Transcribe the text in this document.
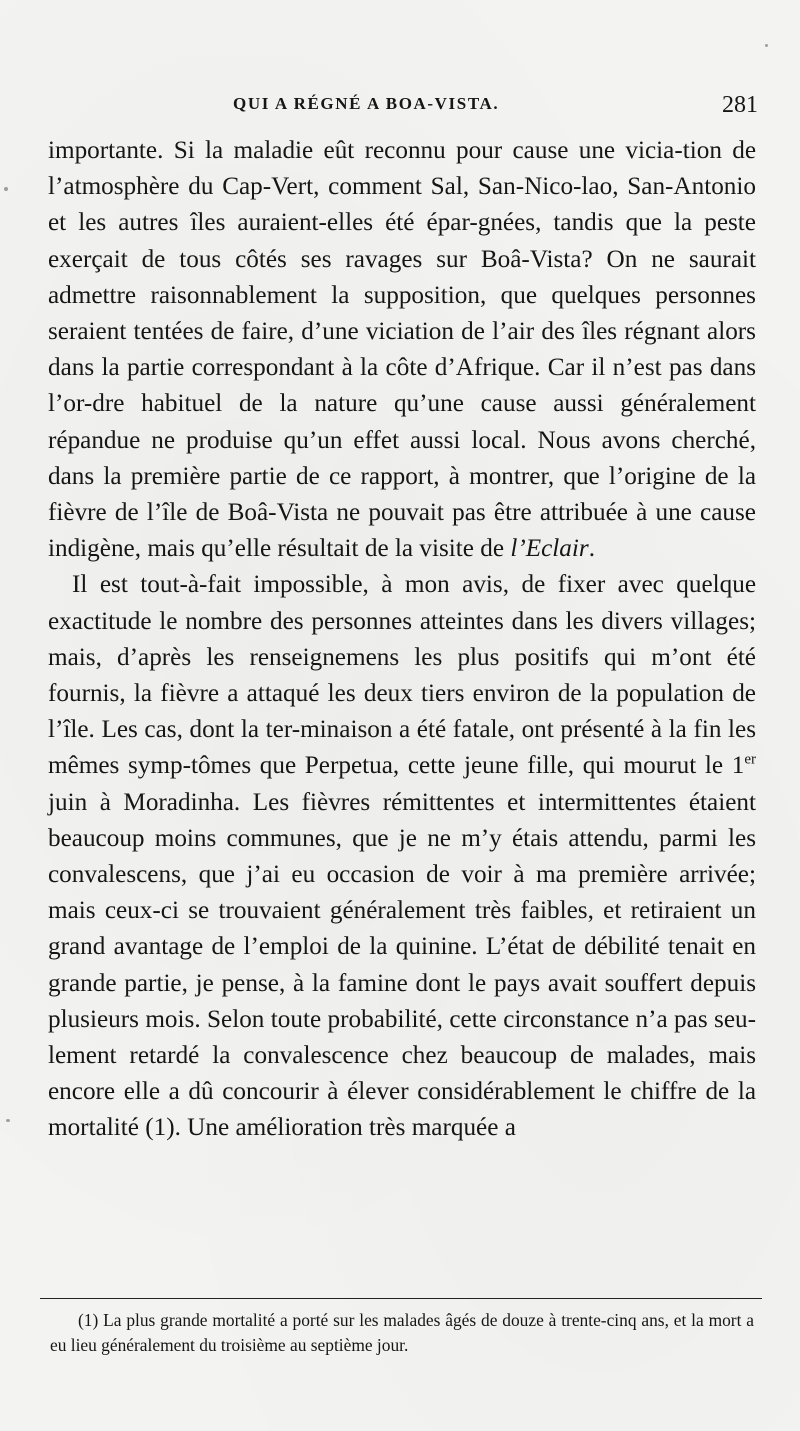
QUI A RÉGNÉ A BOA-VISTA.	281

importante. Si la maladie eût reconnu pour cause une vicia-tion de l’atmosphère du Cap-Vert, comment Sal, San-Nico-lao, San-Antonio et les autres îles auraient-elles été épar-gnées, tandis que la peste exerçait de tous côtés ses ravages sur Boâ-Vista? On ne saurait admettre raisonnablement la supposition, que quelques personnes seraient tentées de faire, d’une viciation de l’air des îles régnant alors dans la partie correspondant à la côte d’Afrique. Car il n’est pas dans l’or-dre habituel de la nature qu’une cause aussi généralement répandue ne produise qu’un effet aussi local. Nous avons cherché, dans la première partie de ce rapport, à montrer, que l’origine de la fièvre de l’île de Boâ-Vista ne pouvait pas être attribuée à une cause indigène, mais qu’elle résultait de la visite de l’Eclair.

Il est tout-à-fait impossible, à mon avis, de fixer avec quelque exactitude le nombre des personnes atteintes dans les divers villages; mais, d’après les renseignemens les plus positifs qui m’ont été fournis, la fièvre a attaqué les deux tiers environ de la population de l’île. Les cas, dont la ter-minaison a été fatale, ont présenté à la fin les mêmes symp-tômes que Perpetua, cette jeune fille, qui mourut le 1er juin à Moradinha. Les fièvres rémittentes et intermittentes étaient beaucoup moins communes, que je ne m’y étais attendu, parmi les convalescens, que j’ai eu occasion de voir à ma première arrivée; mais ceux-ci se trouvaient généralement très faibles, et retiraient un grand avantage de l’emploi de la quinine. L’état de débilité tenait en grande partie, je pense, à la famine dont le pays avait souffert depuis plusieurs mois. Selon toute probabilité, cette circonstance n’a pas seu-lement retardé la convalescence chez beaucoup de malades, mais encore elle a dû concourir à élever considérablement le chiffre de la mortalité (1). Une amélioration très marquée a

(1) La plus grande mortalité a porté sur les malades âgés de douze à trente-cinq ans, et la mort a eu lieu généralement du troisième au septième jour.
